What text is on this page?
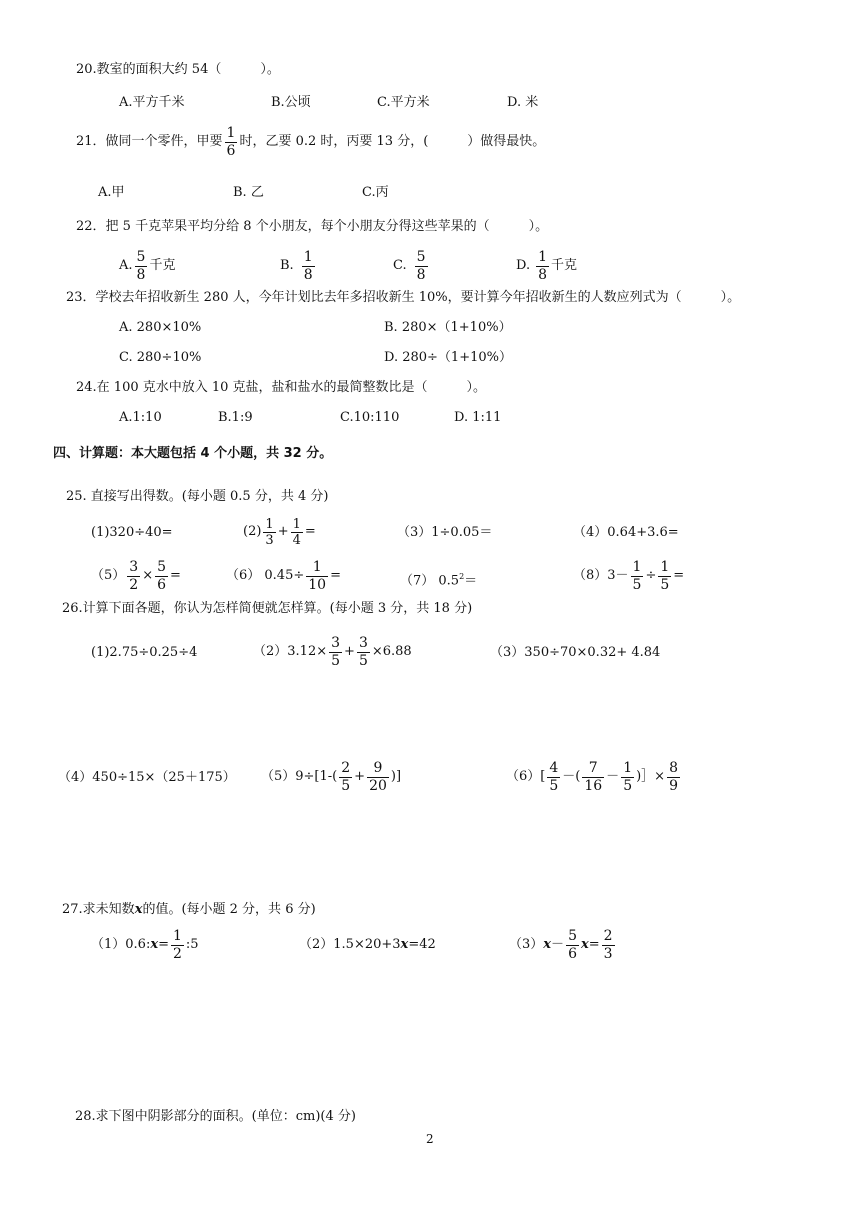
20.教室的面积大约 54（　　　）。
A.平方千米	B.公顷	C.平方米	D. 米
21．做同一个零件，甲要 $\frac{1}{6}$ 时，乙要 0.2 时，丙要 13 分，(　　　）做得最快。
A.甲	B. 乙	C.丙
22．把 5 千克苹果平均分给 8 个小朋友，每个小朋友分得这些苹果的（　　　）。
A. $\frac{5}{8}$ 千克	B. $\frac{1}{8}$	C. $\frac{5}{8}$	D. $\frac{1}{8}$ 千克
23．学校去年招收新生 280 人，今年计划比去年多招收新生 10%，要计算今年招收新生的人数应列式为（　　　）。
A. 280×10%	B. 280×（1+10%）
C. 280÷10%	D. 280÷（1+10%）
24.在 100 克水中放入 10 克盐，盐和盐水的最简整数比是（　　　）。
A.1:10	B.1:9	C.10:110	D. 1:11
四、计算题：本大题包括 4 个小题，共 32 分。
25. 直接写出得数。(每小题 0.5 分，共 4 分)
(1)320÷40=	$(2) \frac{1}{3} + \frac{1}{4}$ =	（3）1÷0.05＝	（4）0.64+3.6=
$(5) \frac{3}{2} \times \frac{5}{6}$ =	（6） $0.45\div \frac{1}{10}$ =	（7） $0.5^2=$	$(8)3- \frac{1}{5} \div \frac{1}{5}$ =
26.计算下面各题，你认为怎样简便就怎样算。(每小题 3 分，共 18 分)
(1)2.75÷0.25÷4	$(2)3.12\times \frac{3}{5} + \frac{3}{5} \times 6.88$	（3）350÷70×0.32+ 4.84
（4）450÷15×（25＋175） $(5)9\div[1-( \frac{2}{5} + \frac{9}{20}$ )]	$(6)[ \frac{4}{5}$ －( $\frac{7}{16} - \frac{1}{5}$ )］× $\frac{8}{9}$
27.求未知数x的值。(每小题 2 分，共 6 分)
（1）0.6: $x = \frac{1}{2}$ :5	（2）1.5×20+3x=42	（3） $x - \frac{5}{6}$ $x = \frac{2}{3}$
28.求下图中阴影部分的面积。(单位：cm)(4 分)
2
